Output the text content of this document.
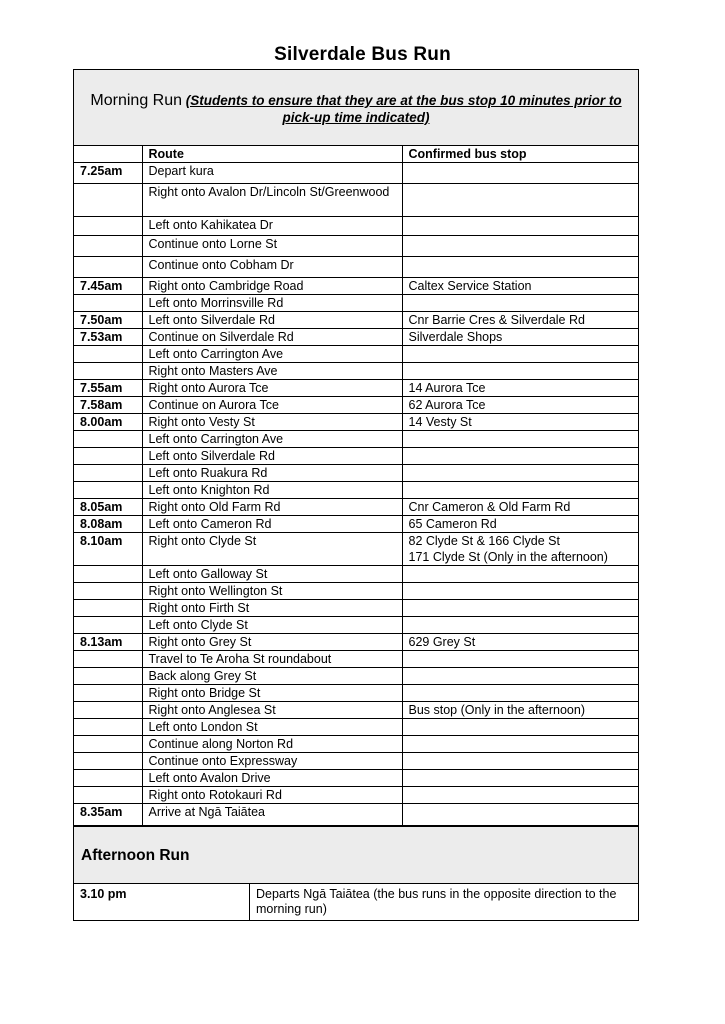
Silverdale Bus Run
Morning Run (Students to ensure that they are at the bus stop 10 minutes prior to pick-up time indicated)
	Route	Confirmed bus stop
7.25am	Depart kura	

	Right onto Avalon Dr/Lincoln St/Greenwood	

	Left onto Kahikatea Dr	

	Continue onto Lorne St	

	Continue onto Cobham Dr	

7.45am	Right onto Cambridge Road	Caltex Service Station

	Left onto Morrinsville Rd	

7.50am	Left onto Silverdale Rd	Cnr Barrie Cres & Silverdale Rd

7.53am	Continue on Silverdale Rd	Silverdale Shops

	Left onto Carrington Ave	

	Right onto Masters Ave	

7.55am	Right onto Aurora Tce	14 Aurora Tce

7.58am	Continue on Aurora Tce	62 Aurora Tce

8.00am	Right onto Vesty St	14 Vesty St

	Left onto Carrington Ave	

	Left onto Silverdale Rd	

	Left onto Ruakura Rd	

	Left onto Knighton Rd	

8.05am	Right onto Old Farm Rd	Cnr Cameron & Old Farm Rd

8.08am	Left onto Cameron Rd	65 Cameron Rd

8.10am	Right onto Clyde St	82 Clyde St & 166 Clyde St
171 Clyde St (Only in the afternoon)

	Left onto Galloway St	

	Right onto Wellington St	

	Right onto Firth St	

	Left onto Clyde St	

8.13am	Right onto Grey St	629 Grey St

	Travel to Te Aroha St roundabout	

	Back along Grey St	

	Right onto Bridge St	

	Right onto Anglesea St	Bus stop (Only in the afternoon)

	Left onto London St	

	Continue along Norton Rd	

	Continue onto Expressway	

	Left onto Avalon Drive	

	Right onto Rotokauri Rd	

8.35am	Arrive at Ngā Taiātea	
Afternoon Run
3.10 pm	Departs Ngā Taiātea (the bus runs in the opposite direction to the morning run)
